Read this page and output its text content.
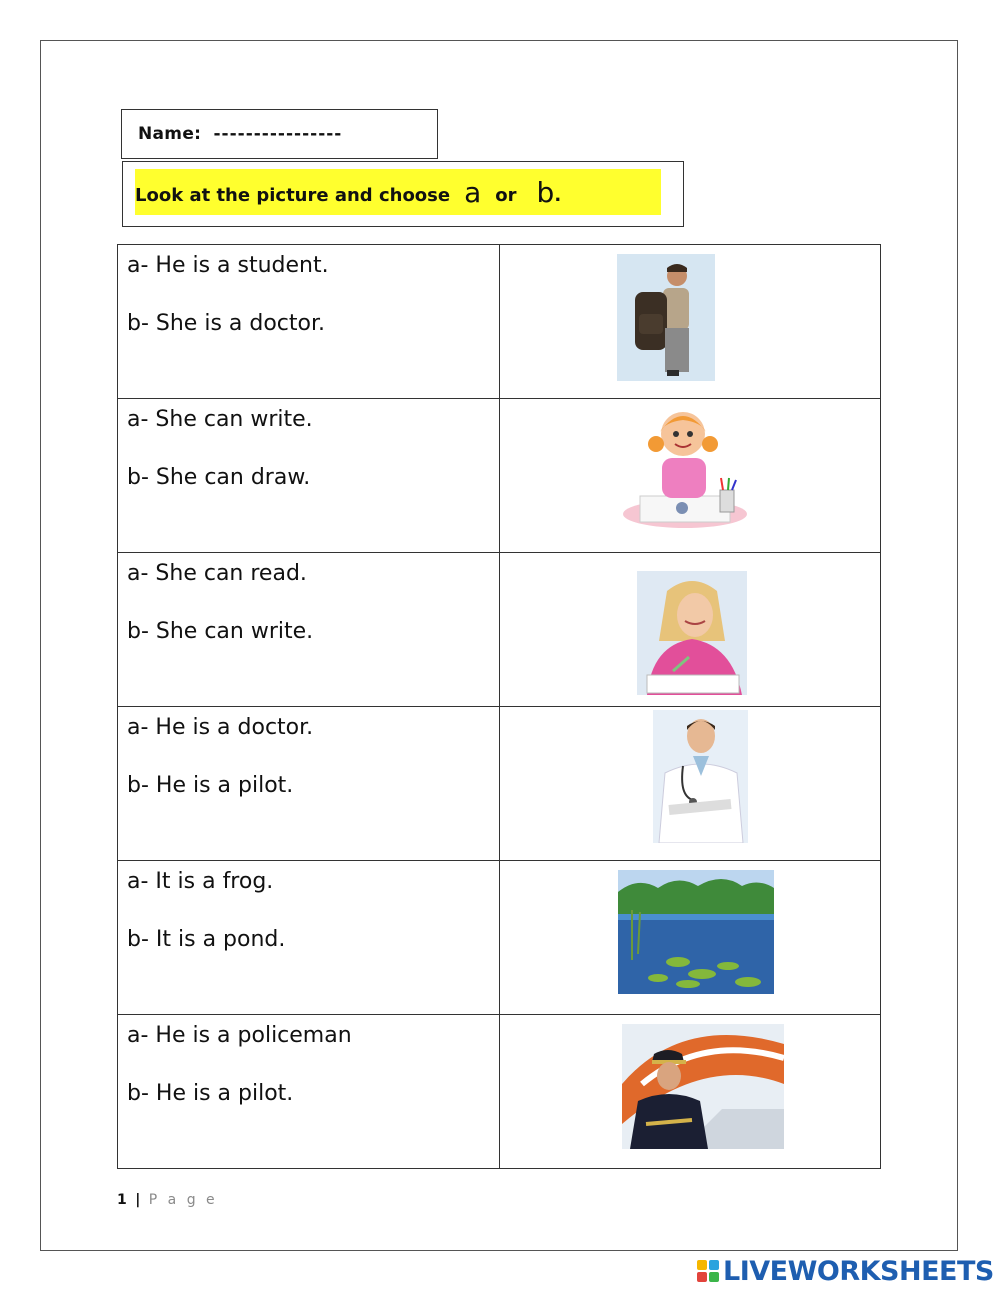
Name: ----------------
Look at the picture and choose a or b.
a- He is a student.
b- She is a doctor.

a- She can write.
b- She can draw.

a- She can read.
b- She can write.

a- He is a doctor.
b- He is a pilot.

a- It is a frog.
b- It is a pond.

a- He is a policeman
b- He is a pilot.

1 | P a g e
LIVEWORKSHEETS
